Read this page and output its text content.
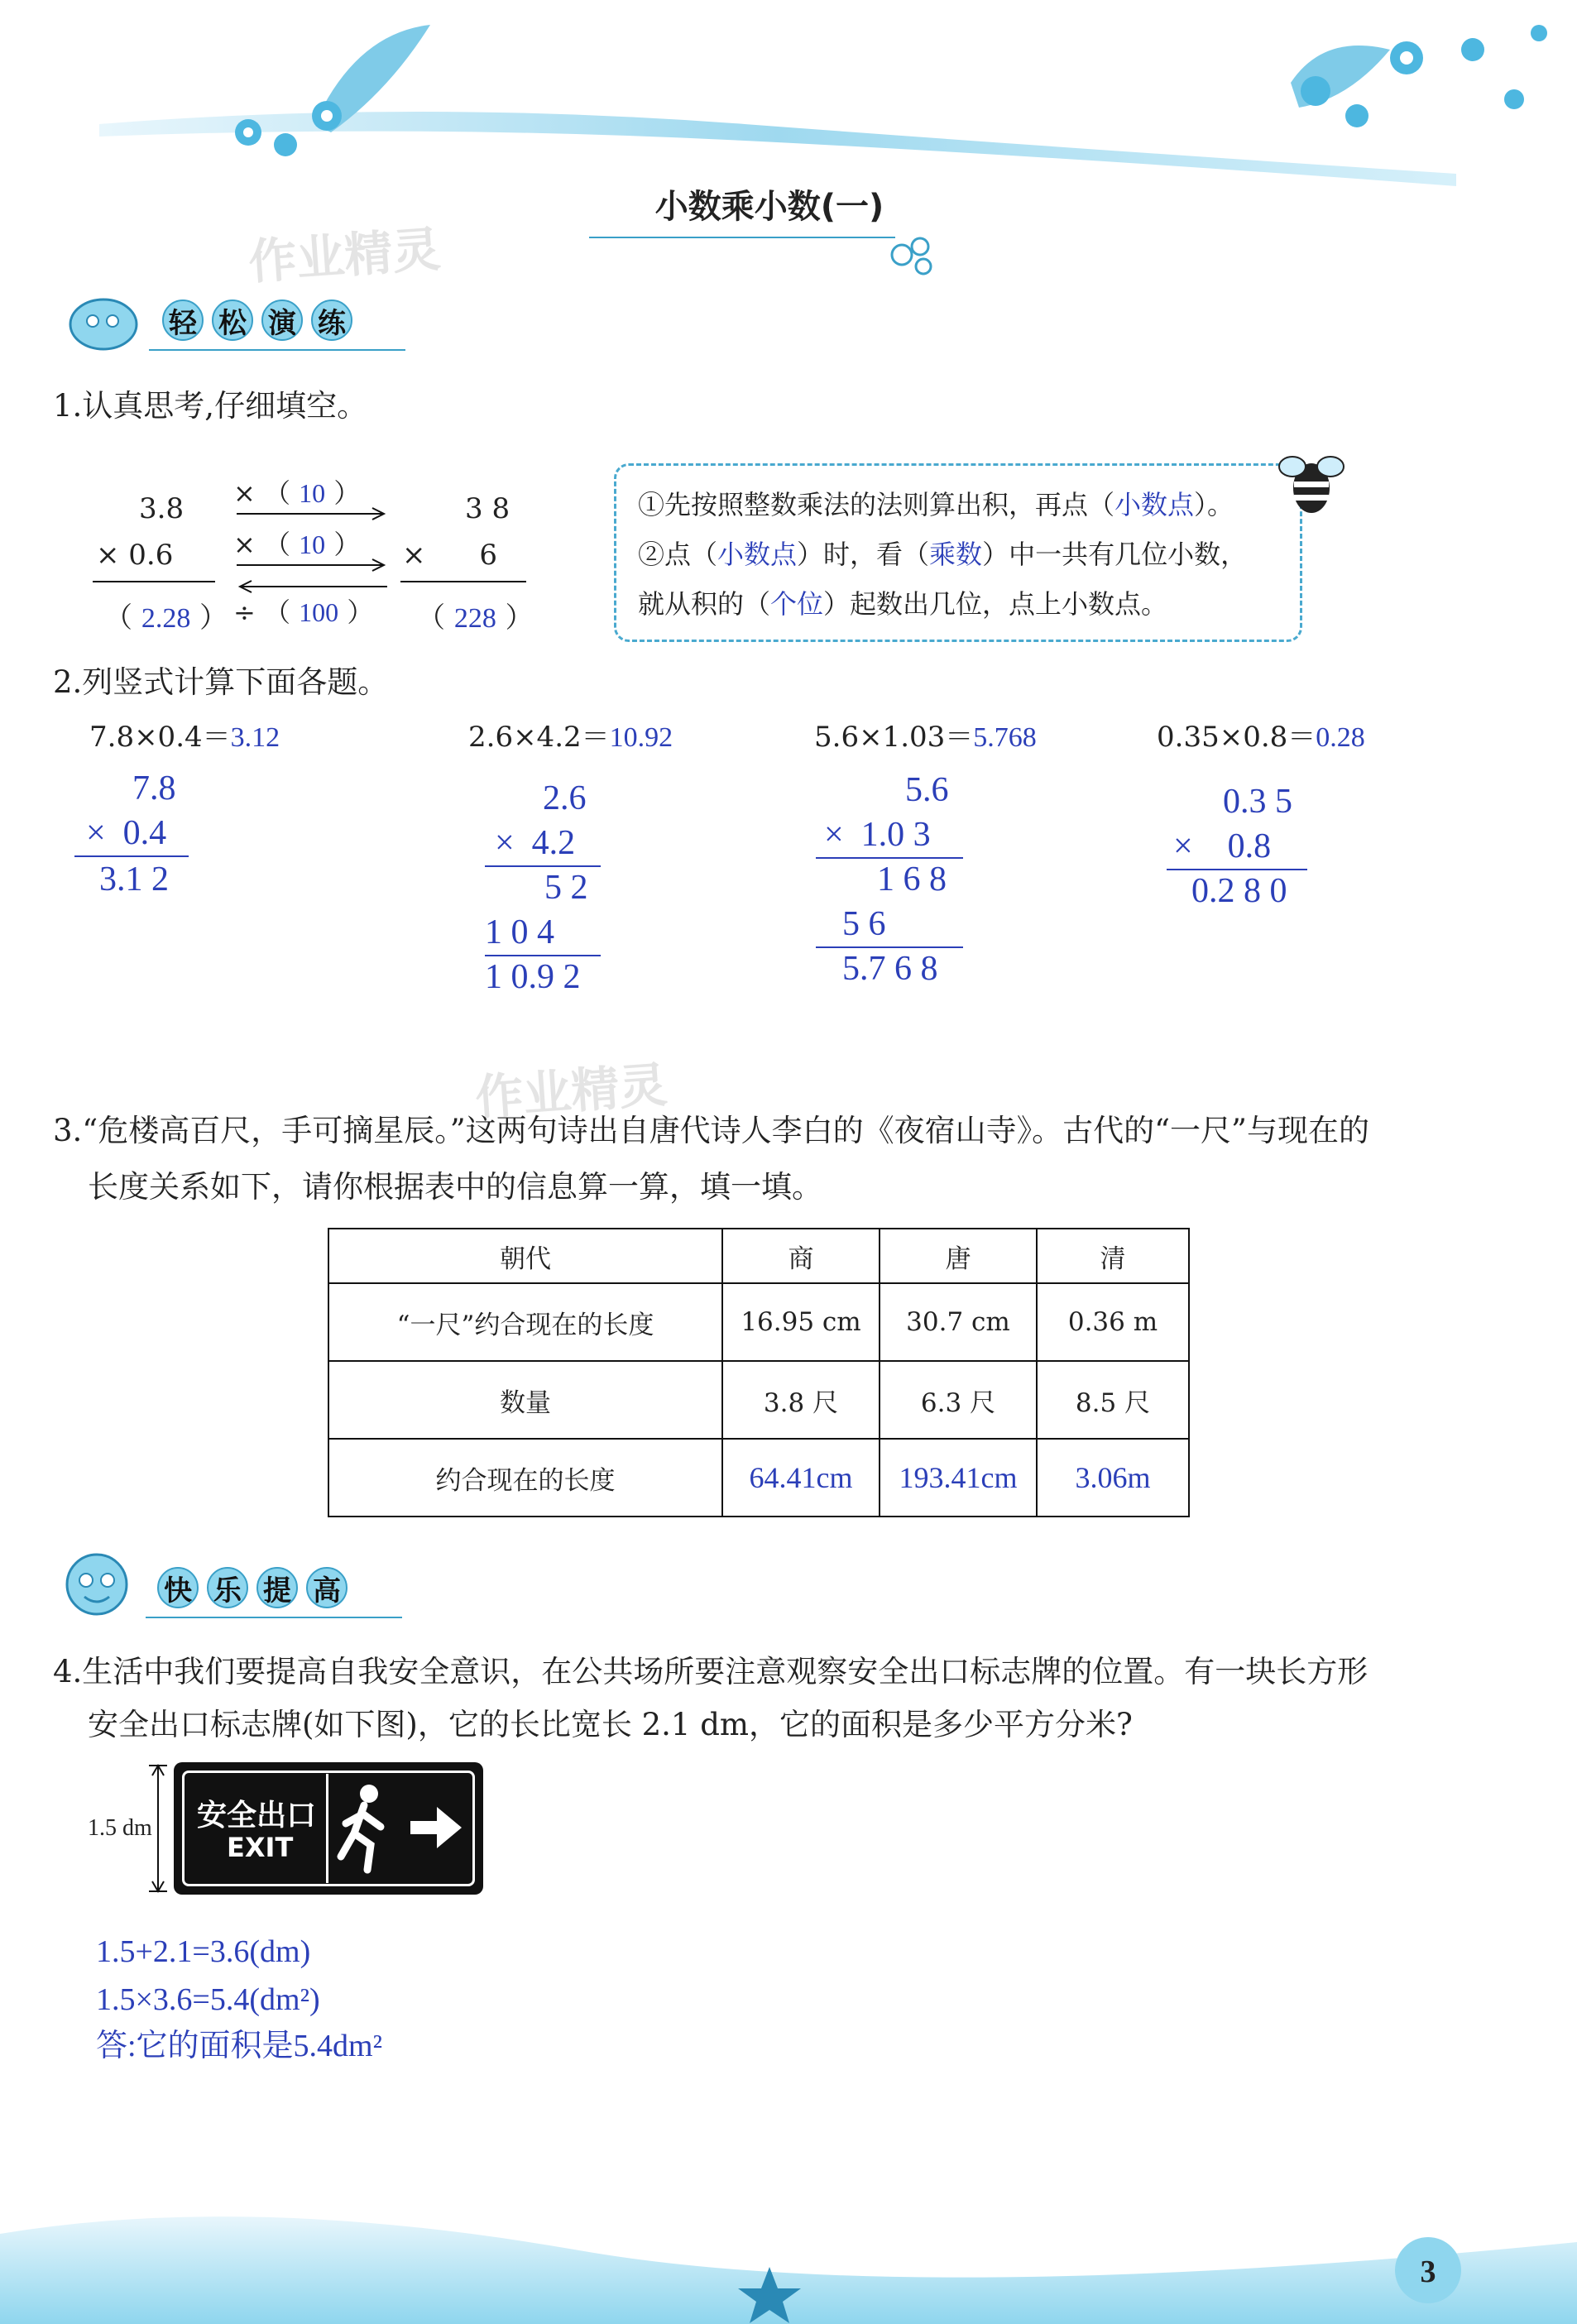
小数乘小数(一)
作业精灵
作业精灵
轻 松 演 练
1.认真思考,仔细填空。
3.8
× 0.6
（ 2.28 ）
× （ 10 ）
× （ 10 ）

÷ （ 100 ）
3 8
×      6
（ 228 ）
①先按照整数乘法的法则算出积，再点（小数点）。
②点（小数点）时，看（乘数）中一共有几位小数，
就从积的（个位）起数出几位，点上小数点。
2.列竖式计算下面各题。
7.8×0.4＝3.12
7.8
×  0.4
3.1 2
2.6×4.2＝10.92
2.6
×  4.2
5 2
1 0 4
1 0.9 2
5.6×1.03＝5.768
5.6
×  1.0 3
1 6 8
5 6
5.7 6 8
0.35×0.8＝0.28
0.3 5
×    0.8
0.2 8 0
3.“危楼高百尺，手可摘星辰。”这两句诗出自唐代诗人李白的《夜宿山寺》。古代的“一尺”与现在的
长度关系如下，请你根据表中的信息算一算，填一填。
朝代	商	唐	清
“一尺”约合现在的长度	16.95 cm	30.7 cm	0.36 m
数量	3.8 尺	6.3 尺	8.5 尺
约合现在的长度	64.41cm	193.41cm	3.06m
快 乐 提 高
4.生活中我们要提高自我安全意识，在公共场所要注意观察安全出口标志牌的位置。有一块长方形
安全出口标志牌(如下图)，它的长比宽长 2.1 dm，它的面积是多少平方分米?
1.5 dm 安全出口
EXIT
1.5+2.1=3.6(dm)
1.5×3.6=5.4(dm²)
答:它的面积是5.4dm²
3
